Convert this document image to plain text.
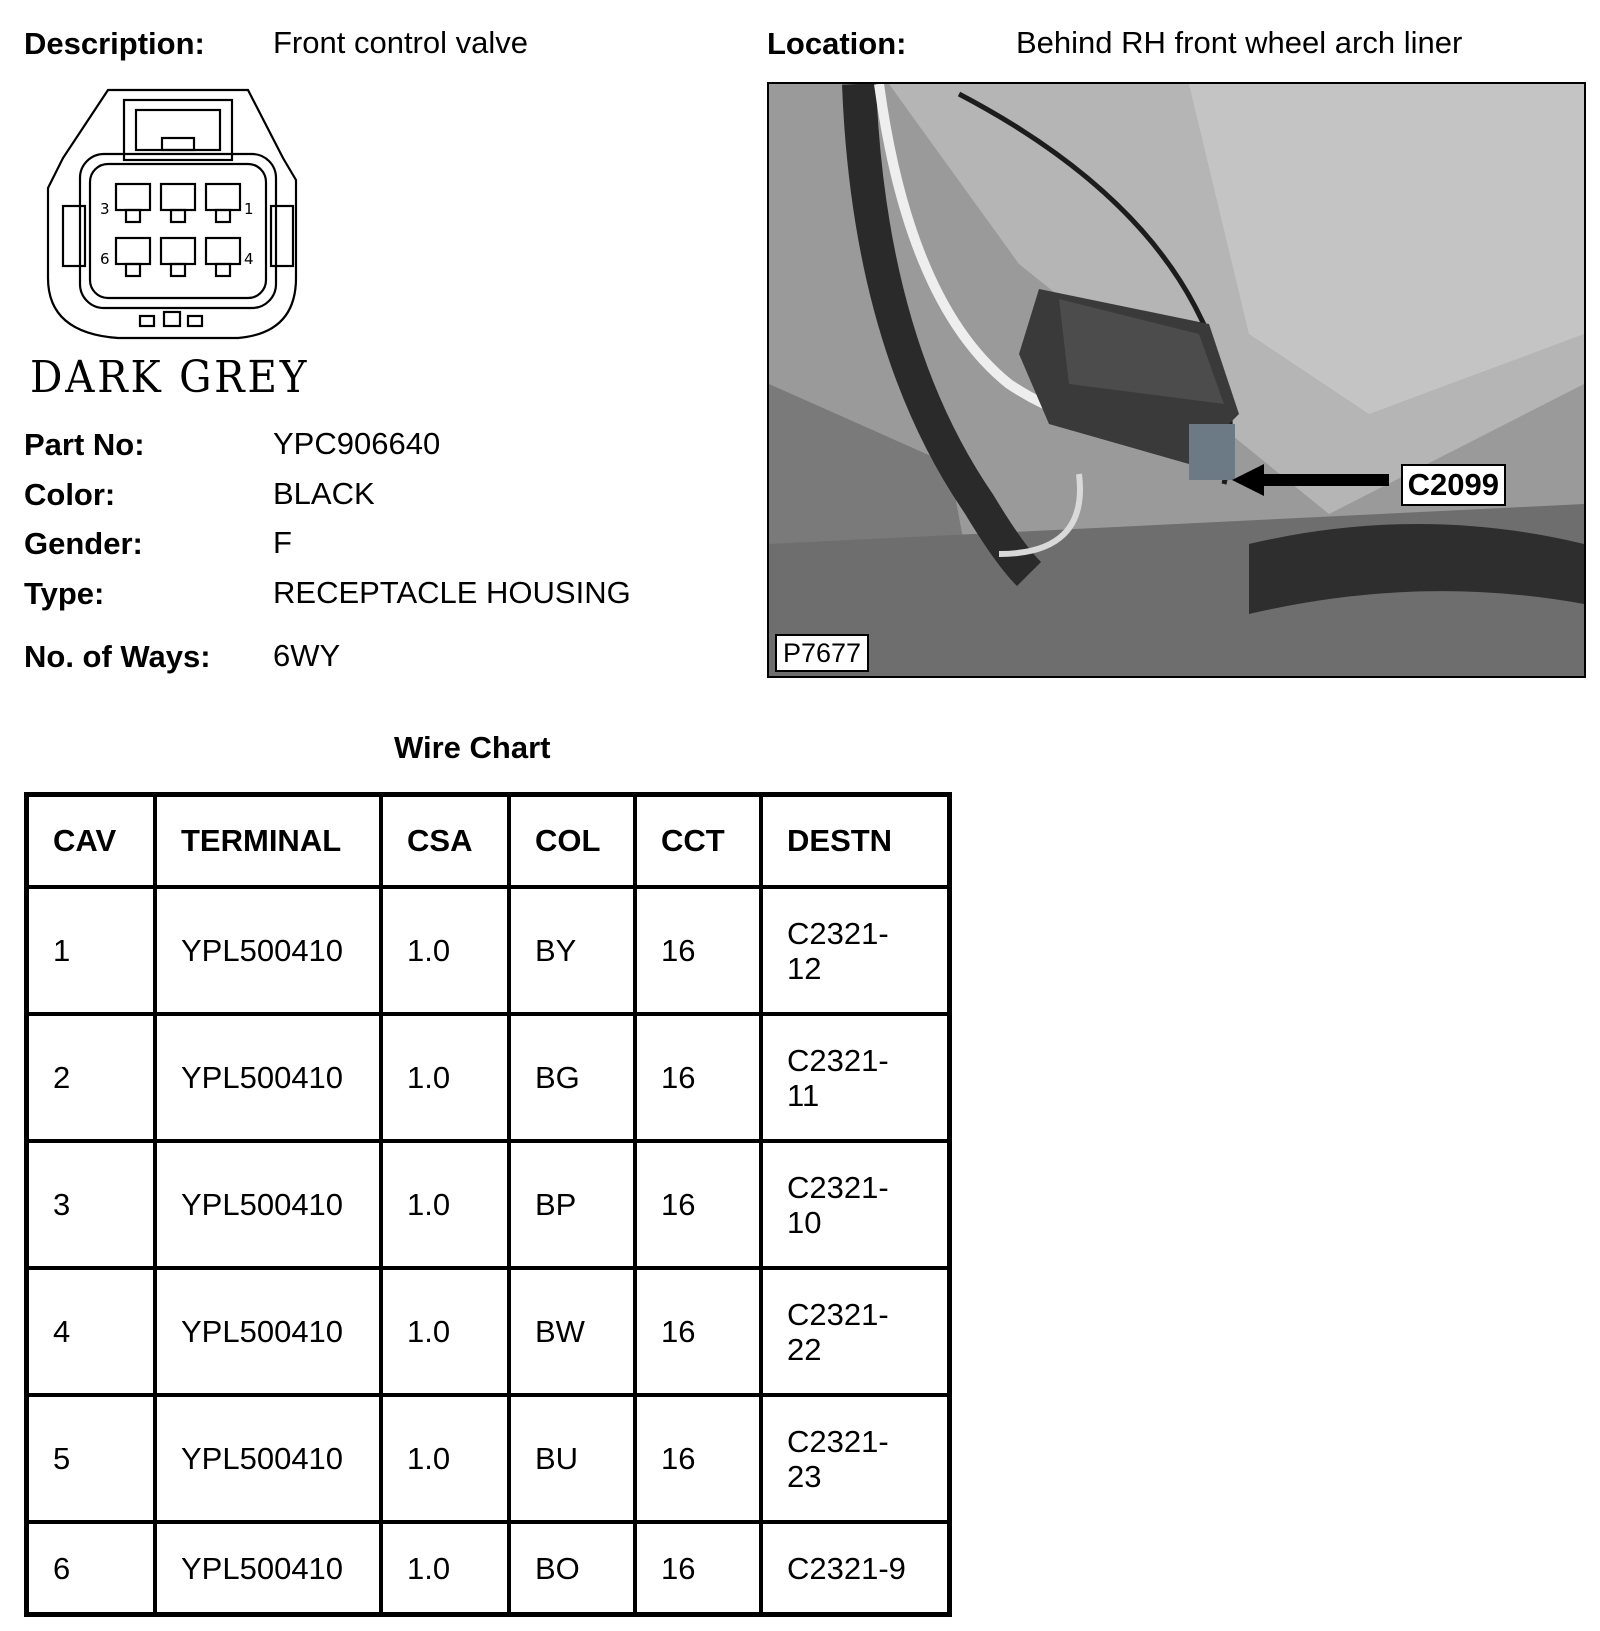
Description: Front control valve	Location:	Behind RH front wheel arch liner
3	1
6	4
DARK GREY
Part No:	YPC906640
Color:	BLACK
Gender:	F
Type:	RECEPTACLE HOUSING
No. of Ways: 6WY
C2099
P7677
Wire Chart
CAV	TERMINAL	CSA	COL	CCT	DESTN
1	YPL500410	1.0	BY	16	C2321-12

2	YPL500410	1.0	BG	16	C2321-11

3	YPL500410	1.0	BP	16	C2321-10

4	YPL500410	1.0	BW	16	C2321-22

5	YPL500410	1.0	BU	16	C2321-23

6	YPL500410	1.0	BO	16	C2321-9
